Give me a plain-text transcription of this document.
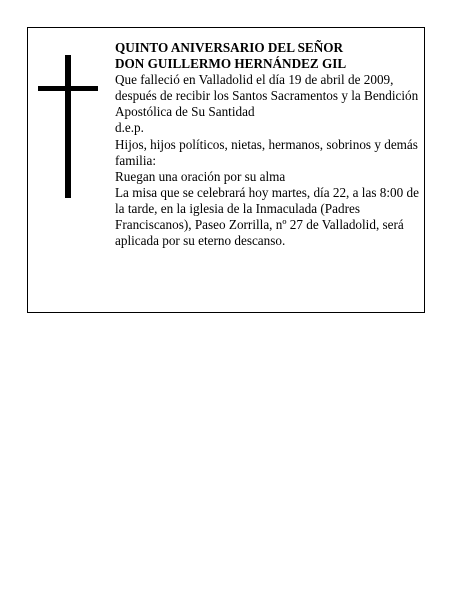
QUINTO ANIVERSARIO DEL SEÑOR
DON GUILLERMO HERNÁNDEZ GIL
Que falleció en Valladolid el día 19 de abril de 2009, después de recibir los Santos Sacramentos y la Bendición Apostólica de Su Santidad
d.e.p.
Hijos, hijos políticos, nietas, hermanos, sobrinos y demás familia:
Ruegan una oración por su alma
La misa que se celebrará hoy martes, día 22, a las 8:00 de la tarde, en la iglesia de la Inmaculada (Padres Franciscanos), Paseo Zorrilla, nº 27 de Valladolid, será aplicada por su eterno descanso.
